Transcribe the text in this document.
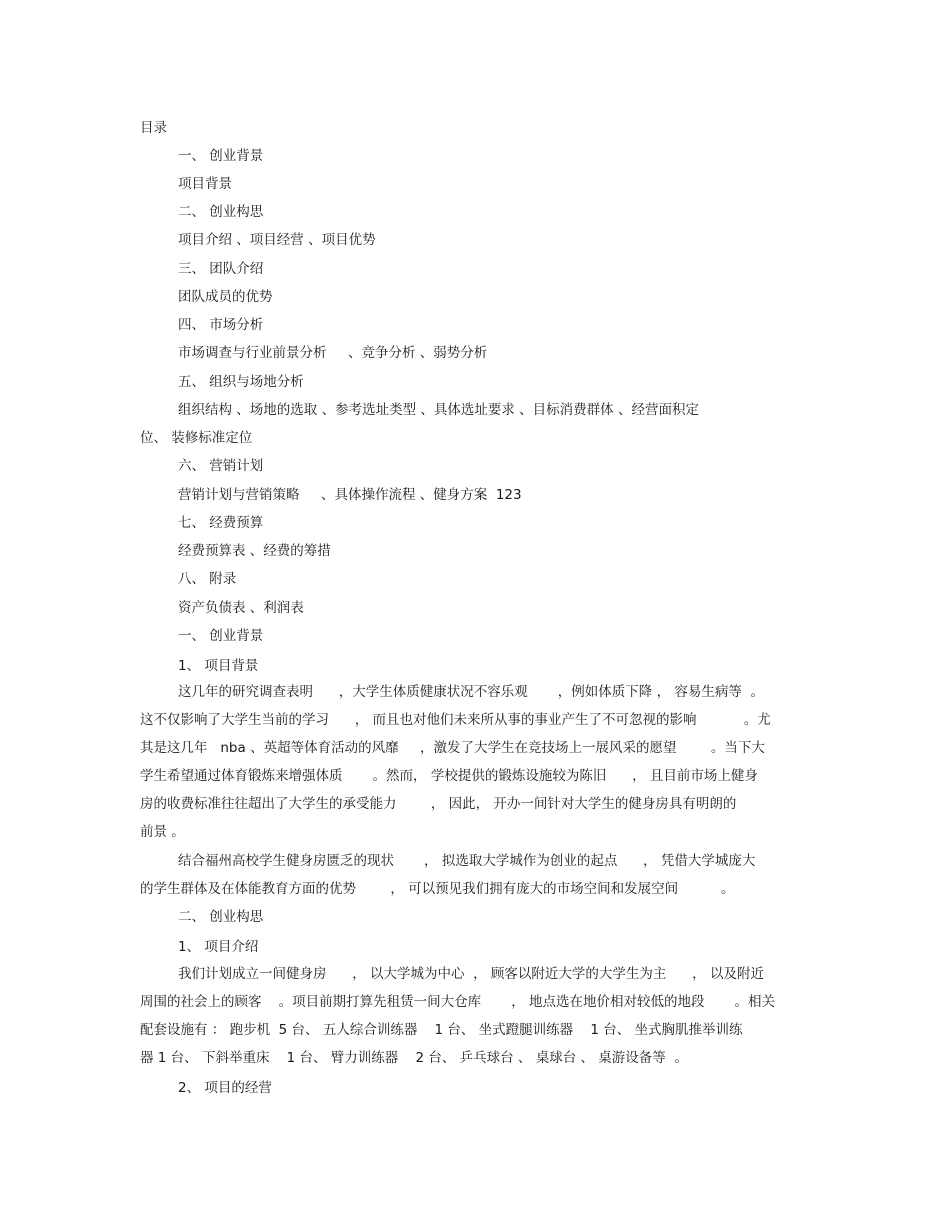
目录

一、 创业背景

项目背景

二、 创业构思

项目介绍 、项目经营 、项目优势

三、 团队介绍

团队成员的优势

四、 市场分析

市场调查与行业前景分析     、竞争分析 、弱势分析

五、 组织与场地分析

组织结构 、场地的选取 、参考选址类型 、具体选址要求 、目标消费群体 、经营面积定

位、 装修标准定位

六、 营销计划

营销计划与营销策略     、具体操作流程 、健身方案  123

七、 经费预算

经费预算表 、经费的筹措

八、 附录

资产负债表 、利润表

一、 创业背景

1、 项目背景

这几年的研究调查表明      ，大学生体质健康状况不容乐观       ，例如体质下降 ， 容易生病等  。

这不仅影响了大学生当前的学习      ， 而且也对他们未来所从事的事业产生了不可忽视的影响           。尤

其是这几年   nba 、英超等体育活动的风靡     ，激发了大学生在竞技场上一展风采的愿望        。当下大

学生希望通过体育锻炼来增强体质       。然而， 学校提供的锻炼设施较为陈旧      ， 且目前市场上健身

房的收费标准往往超出了大学生的承受能力        ， 因此， 开办一间针对大学生的健身房具有明朗的

前景 。

结合福州高校学生健身房匮乏的现状       ， 拟选取大学城作为创业的起点      ， 凭借大学城庞大

的学生群体及在体能教育方面的优势        ， 可以预见我们拥有庞大的市场空间和发展空间          。

二、 创业构思

1、 项目介绍

我们计划成立一间健身房      ， 以大学城为中心  ， 顾客以附近大学的大学生为主      ， 以及附近

周围的社会上的顾客    。项目前期打算先租赁一间大仓库       ， 地点选在地价相对较低的地段       。相关

配套设施有 ： 跑步机  5 台、 五人综合训练器    1 台、 坐式蹬腿训练器    1 台、 坐式胸肌推举训练

器 1 台、 下斜举重床    1 台、 臂力训练器    2 台、 乒乓球台 、 桌球台 、 桌游设备等  。

2、 项目的经营
